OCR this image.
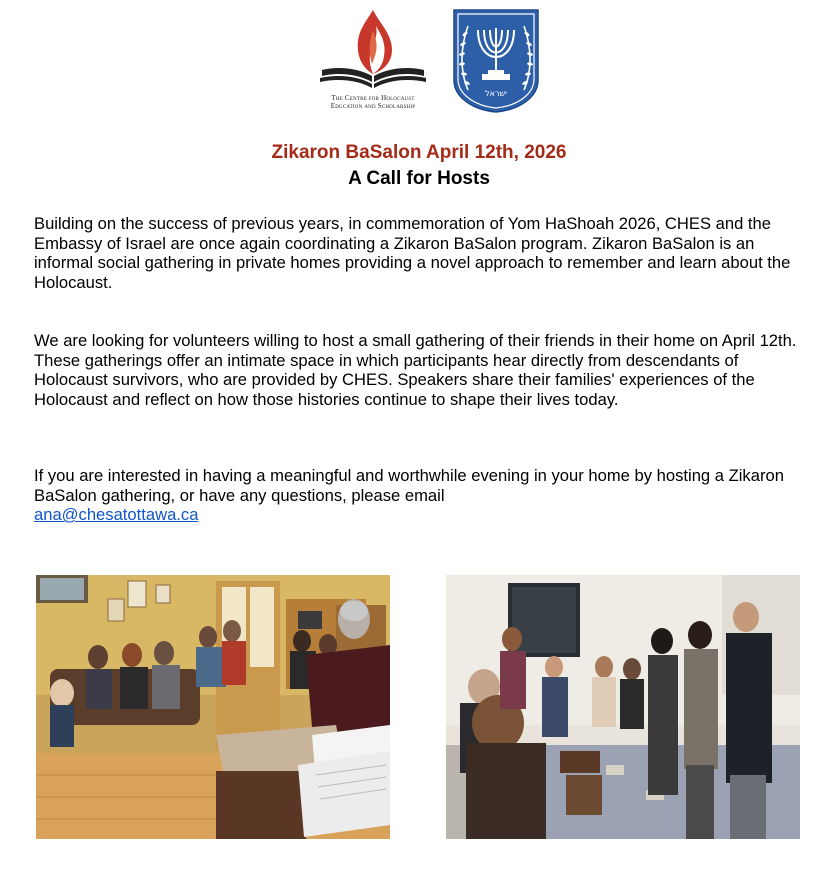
The Centre for Holocaust
Education and Scholarship
ישראל
Zikaron BaSalon April 12th, 2026
A Call for Hosts

Building on the success of previous years, in commemoration of Yom HaShoah 2026, CHES and the Embassy of Israel are once again coordinating a Zikaron BaSalon program. Zikaron BaSalon is an informal social gathering in private homes providing a novel approach to remember and learn about the Holocaust.

We are looking for volunteers willing to host a small gathering of their friends in their home on April 12th. These gatherings offer an intimate space in which participants hear directly from descendants of Holocaust survivors, who are provided by CHES. Speakers share their families' experiences of the Holocaust and reflect on how those histories continue to shape their lives today.

If you are interested in having a meaningful and worthwhile evening in your home by hosting a Zikaron BaSalon gathering, or have any questions, please email
ana@chesatottawa.ca
